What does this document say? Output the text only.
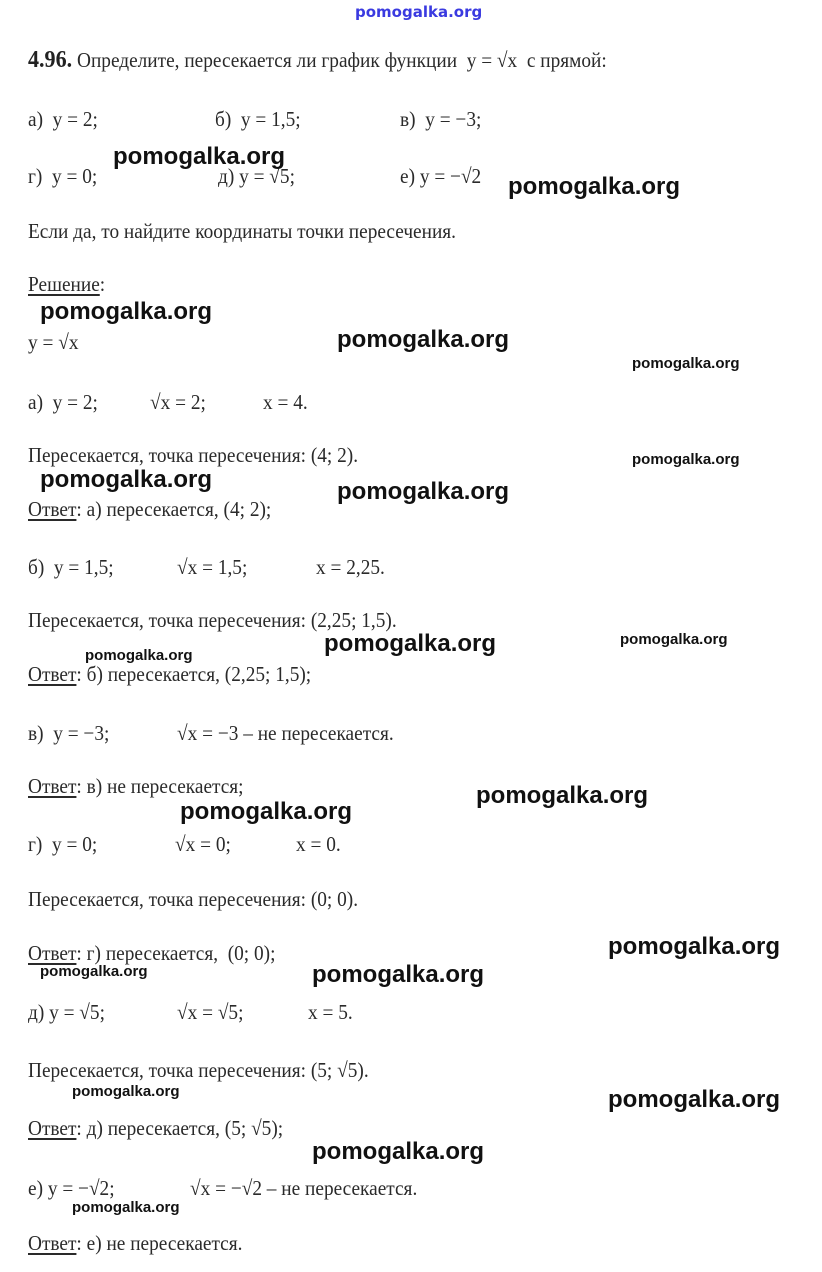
pomogalka.org
4.96. Определите, пересекается ли график функции  y = √x  с прямой:
а)  y = 2;	б)  y = 1,5;	в)  y = −3;
г)  y = 0;	д) y = √5;	е) y = −√2
Если да, то найдите координаты точки пересечения.
Решение:
y = √x
а)  y = 2; √x = 2;	x = 4.
Пересекается, точка пересечения: (4; 2).
Ответ: а) пересекается, (4; 2);
б)  y = 1,5;	√x = 1,5;	x = 2,25.
Пересекается, точка пересечения: (2,25; 1,5).
Ответ: б) пересекается, (2,25; 1,5);
в)  y = −3;	√x = −3 – не пересекается.
Ответ: в) не пересекается;
г)  y = 0;	√x = 0;	x = 0.
Пересекается, точка пересечения: (0; 0).
Ответ: г) пересекается,  (0; 0);
д) y = √5;	√x = √5;	x = 5.
Пересекается, точка пересечения: (5; √5).
Ответ: д) пересекается, (5; √5);
е) y = −√2;	√x = −√2 – не пересекается.
Ответ: е) не пересекается.
pomogalka.org
pomogalka.org
pomogalka.org
pomogalka.org
pomogalka.org
pomogalka.org
pomogalka.org	pomogalka.org
pomogalka.org	pomogalka.org
pomogalka.org
pomogalka.org
pomogalka.org
pomogalka.org
pomogalka.org	pomogalka.org
pomogalka.org	pomogalka.org
pomogalka.org
pomogalka.org
